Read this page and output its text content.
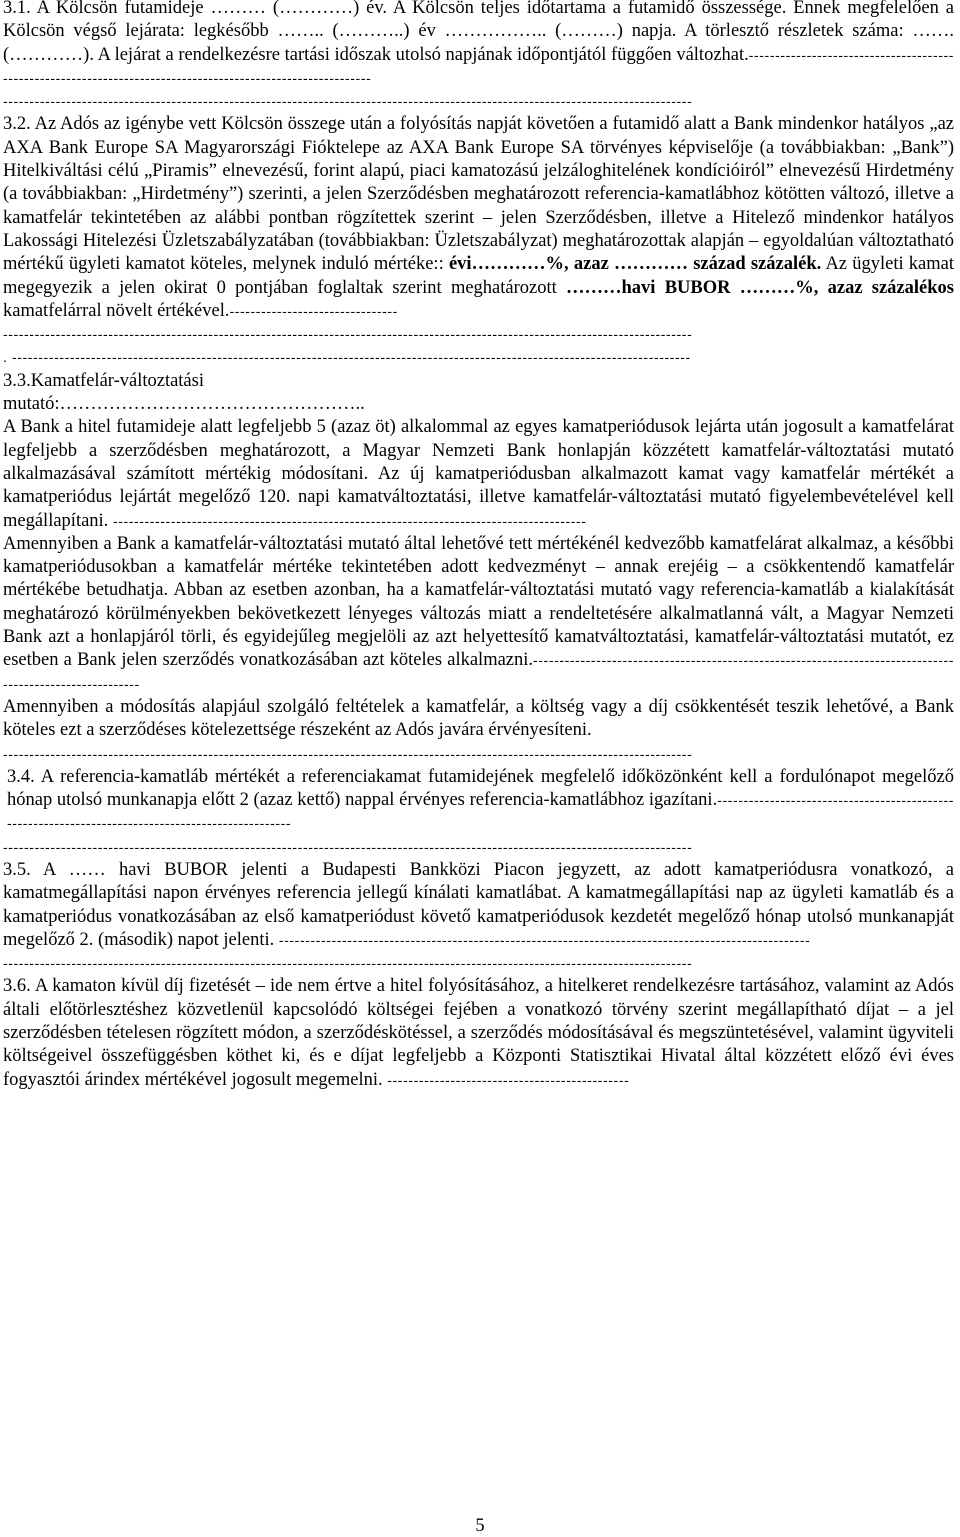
3.1. A Kölcsön futamideje ……… (…………) év. A Kölcsön teljes időtartama a futamidő összessége. Ennek megfelelően a Kölcsön végső lejárata: legkésőbb …….. (………..) év …………….. (………) napja. A törlesztő részletek száma: ……. (…………). A lejárat a rendelkezésre tartási időszak utolsó napjának időpontjától függően változhat.-------------------------------------------------------------------------------------------------------------

-----------------------------------------------------------------------------------------------------------------------------------

3.2. Az Adós az igénybe vett Kölcsön összege után a folyósítás napját követően a futamidő alatt a Bank mindenkor hatályos „az AXA Bank Europe SA Magyarországi Fióktelepe az AXA Bank Europe SA törvényes képviselője (a továbbiakban: „Bank”) Hitelkiváltási célú „Piramis” elnevezésű, forint alapú, piaci kamatozású jelzáloghitelének kondícióiról” elnevezésű Hirdetmény (a továbbiakban: „Hirdetmény”) szerinti, a jelen Szerződésben meghatározott referencia-kamatlábhoz kötötten változó, illetve a kamatfelár tekintetében az alábbi pontban rögzítettek szerint – jelen Szerződésben, illetve a Hitelező mindenkor hatályos Lakossági Hitelezési Üzletszabályzatában (továbbiakban: Üzletszabályzat) meghatározottak alapján – egyoldalúan változtatható mértékű ügyleti kamatot köteles, melynek induló mértéke:: évi…………%, azaz ………… század százalék. Az ügyleti kamat megegyezik a jelen okirat 0 pontjában foglaltak szerint meghatározott ………havi BUBOR ………%, azaz százalékos kamatfelárral növelt értékével.--------------------------------

-----------------------------------------------------------------------------------------------------------------------------------
. ---------------------------------------------------------------------------------------------------------------------------------

3.3.Kamatfelár-változtatási

mutató:…………………………………………..

A Bank a hitel futamideje alatt legfeljebb 5 (azaz öt) alkalommal az egyes kamatperiódusok lejárta után jogosult a kamatfelárat legfeljebb a szerződésben meghatározott, a Magyar Nemzeti Bank honlapján közzétett kamatfelár-változtatási mutató alkalmazásával számított mértékig módosítani. Az új kamatperiódusban alkalmazott kamat vagy kamatfelár mértékét a kamatperiódus lejártát megelőző 120. napi kamatváltoztatási, illetve kamatfelár-változtatási mutató figyelembevételével kell megállapítani. ------------------------------------------------------------------------------------------

Amennyiben a Bank a kamatfelár-változtatási mutató által lehetővé tett mértékénél kedvezőbb kamatfelárat alkalmaz, a későbbi kamatperiódusokban a kamatfelár mértéke tekintetében adott kedvezményt – annak erejéig – a csökkentendő kamatfelár mértékébe betudhatja. Abban az esetben azonban, ha a kamatfelár-változtatási mutató vagy referencia-kamatláb a kialakítását meghatározó körülményekben bekövetkezett lényeges változás miatt a rendeltetésére alkalmatlanná vált, a Magyar Nemzeti Bank azt a honlapjáról törli, és egyidejűleg megjelöli az azt helyettesítő kamatváltoztatási, kamatfelár-változtatási mutatót, ez esetben a Bank jelen szerződés vonatkozásában azt köteles alkalmazni.----------------------------------------------------------------------------------------------------------

Amennyiben a módosítás alapjául szolgáló feltételek a kamatfelár, a költség vagy a díj csökkentését teszik lehetővé, a Bank köteles ezt a szerződéses kötelezettsége részeként az Adós javára érvényesíteni.

-----------------------------------------------------------------------------------------------------------------------------------

3.4. A referencia-kamatláb mértékét a referenciakamat futamidejének megfelelő időközönként kell a fordulónapot megelőző hónap utolsó munkanapja előtt 2 (azaz kettő) nappal érvényes referencia-kamatlábhoz igazítani.---------------------------------------------------------------------------------------------------

-----------------------------------------------------------------------------------------------------------------------------------

3.5. A …… havi BUBOR jelenti a Budapesti Bankközi Piacon jegyzett, az adott kamatperiódusra vonatkozó, a kamatmegállapítási napon érvényes referencia jellegű kínálati kamatlábat. A kamatmegállapítási nap az ügyleti kamatláb és a kamatperiódus vonatkozásában az első kamatperiódust követő kamatperiódusok kezdetét megelőző hónap utolsó munkanapját megelőző 2. (második) napot jelenti. -----------------------------------------------------------------------------------------------------

-----------------------------------------------------------------------------------------------------------------------------------

3.6. A kamaton kívül díj fizetését – ide nem értve a hitel folyósításához, a hitelkeret rendelkezésre tartásához, valamint az Adós általi előtörlesztéshez közvetlenül kapcsolódó költségei fejében a vonatkozó törvény szerint megállapítható díjat – a jel szerződésben tételesen rögzített módon, a szerződéskötéssel, a szerződés módosításával és megszüntetésével, valamint ügyviteli költségeivel összefüggésben köthet ki, és e díjat legfeljebb a Központi Statisztikai Hivatal által közzétett előző évi éves fogyasztói árindex mértékével jogosult megemelni. ----------------------------------------------

5
